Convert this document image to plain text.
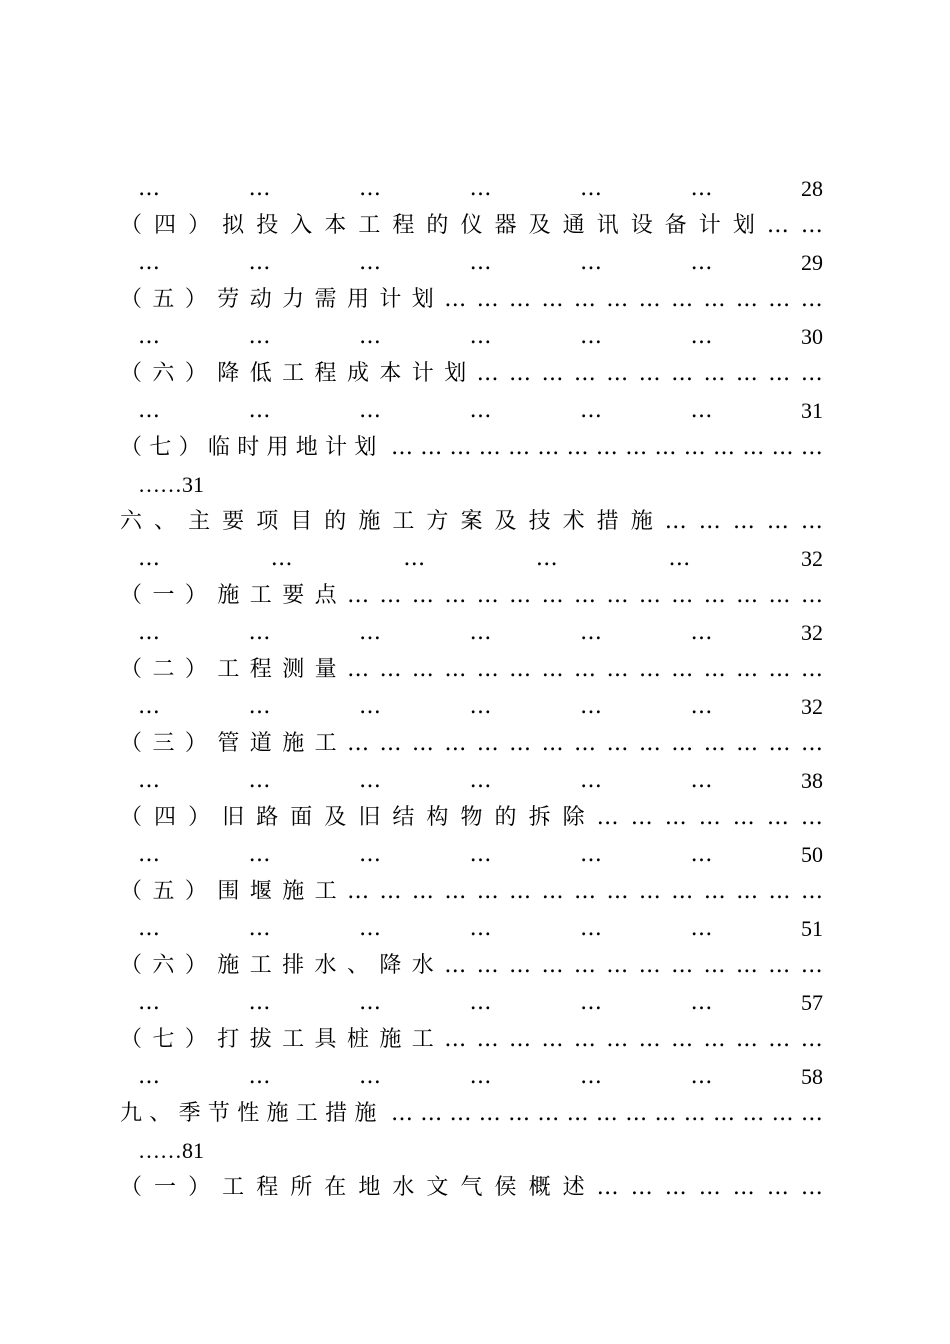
…	…	…	…	…	…	28
（ 四 ） 拟 投 入 本 工 程 的 仪 器 及 通 讯 设 备 计 划 … …
…	…	…	…	…	…	29
（ 五 ） 劳 动 力 需 用 计 划 … … … … … … … … … … … …
…	…	…	…	…	…	30
（ 六 ） 降 低 工 程 成 本 计 划 … … … … … … … … … … …
…	…	…	…	…	…	31
（ 七 ） 临 时 用 地 计 划 … … … … … … … … … … … … … … …
……31
六 、 主 要 项 目 的 施 工 方 案 及 技 术 措 施 … … … … …
…	…	…	…	…	32
（ 一 ） 施 工 要 点 … … … … … … … … … … … … … … …
…	…	…	…	…	…	32
（ 二 ） 工 程 测 量 … … … … … … … … … … … … … … …
…	…	…	…	…	…	32
（ 三 ） 管 道 施 工 … … … … … … … … … … … … … … …
…	…	…	…	…	…	38
（ 四 ） 旧 路 面 及 旧 结 构 物 的 拆 除 … … … … … … …
…	…	…	…	…	…	50
（ 五 ） 围 堰 施 工 … … … … … … … … … … … … … … …
…	…	…	…	…	…	51
（ 六 ） 施 工 排 水 、 降 水 … … … … … … … … … … … …
…	…	…	…	…	…	57
（ 七 ） 打 拔 工 具 桩 施 工 … … … … … … … … … … … …
…	…	…	…	…	…	58
九 、 季 节 性 施 工 措 施 … … … … … … … … … … … … … … …
……81
（ 一 ） 工 程 所 在 地 水 文 气 侯 概 述 … … … … … … …
